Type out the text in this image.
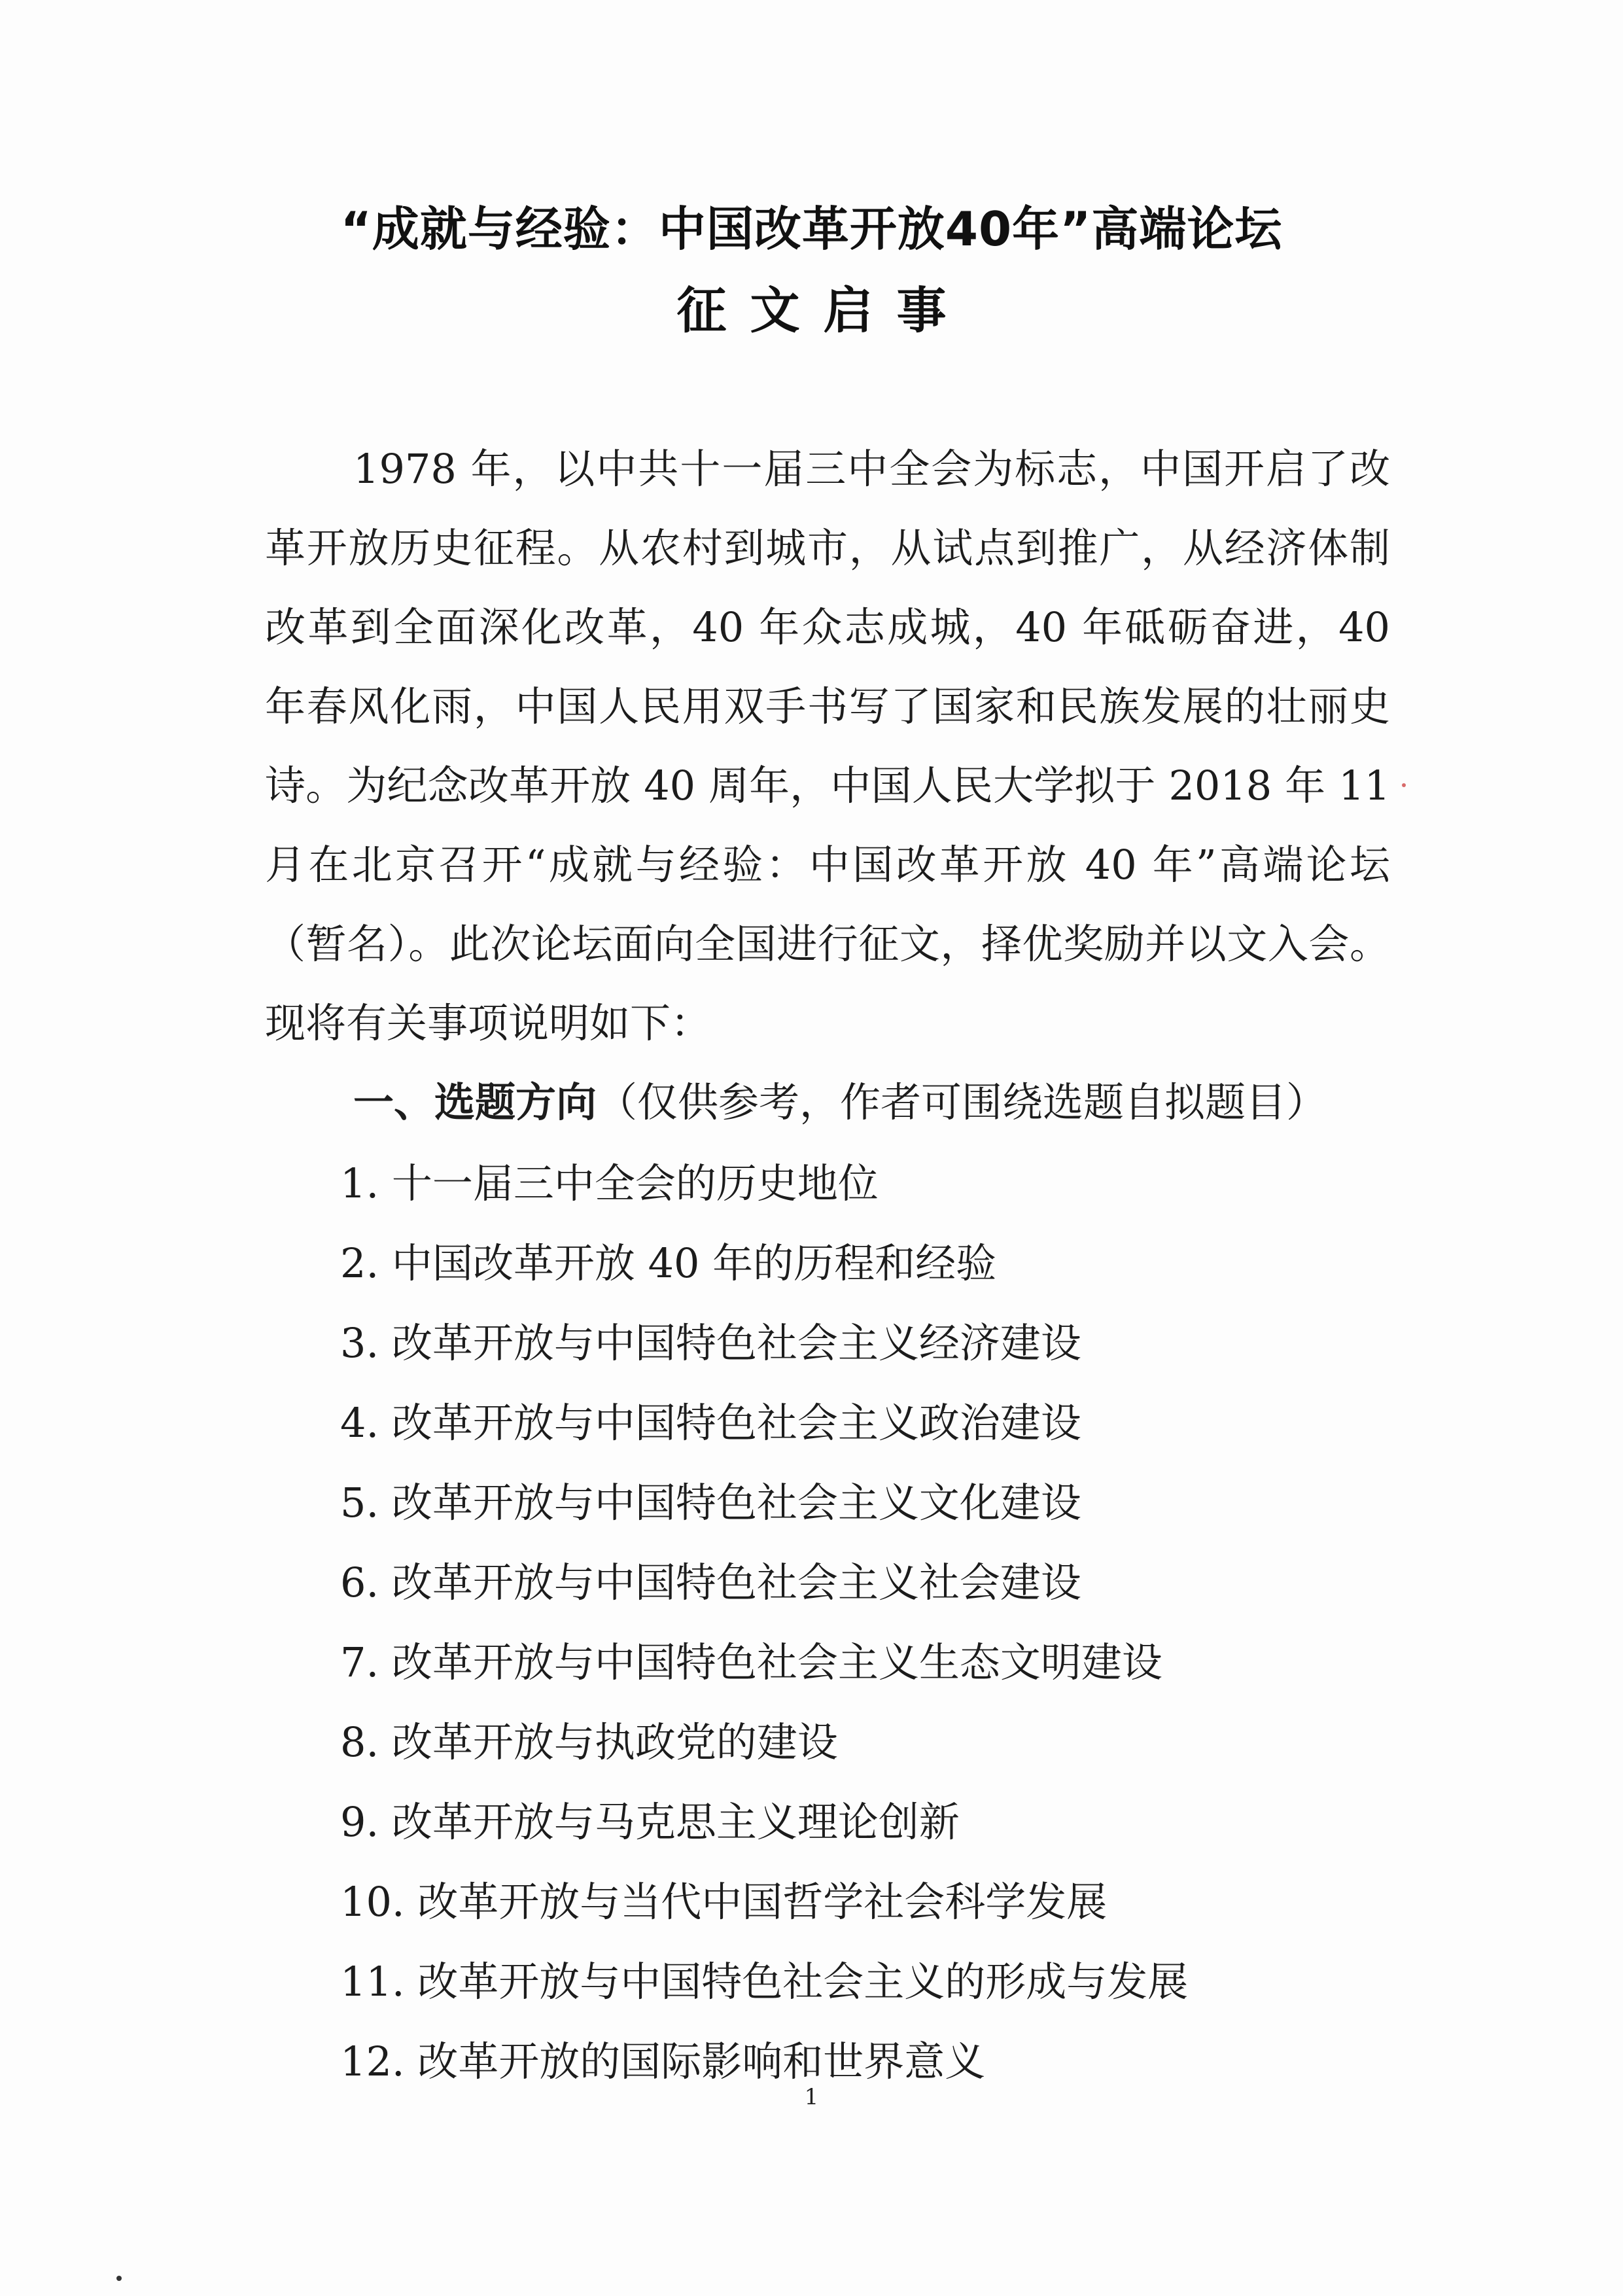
“成就与经验：中国改革开放40年”高端论坛
征文启事

1978 年，以中共十一届三中全会为标志，中国开启了改革开放历史征程。从农村到城市，从试点到推广，从经济体制改革到全面深化改革，40 年众志成城，40 年砥砺奋进，40 年春风化雨，中国人民用双手书写了国家和民族发展的壮丽史诗。为纪念改革开放 40 周年，中国人民大学拟于 2018 年 11 月在北京召开“成就与经验：中国改革开放 40 年”高端论坛（暂名）。此次论坛面向全国进行征文，择优奖励并以文入会。现将有关事项说明如下：

一、选题方向（仅供参考，作者可围绕选题自拟题目）
1. 十一届三中全会的历史地位
2. 中国改革开放 40 年的历程和经验
3. 改革开放与中国特色社会主义经济建设
4. 改革开放与中国特色社会主义政治建设
5. 改革开放与中国特色社会主义文化建设
6. 改革开放与中国特色社会主义社会建设
7. 改革开放与中国特色社会主义生态文明建设
8. 改革开放与执政党的建设
9. 改革开放与马克思主义理论创新
10. 改革开放与当代中国哲学社会科学发展
11. 改革开放与中国特色社会主义的形成与发展
12. 改革开放的国际影响和世界意义
1
